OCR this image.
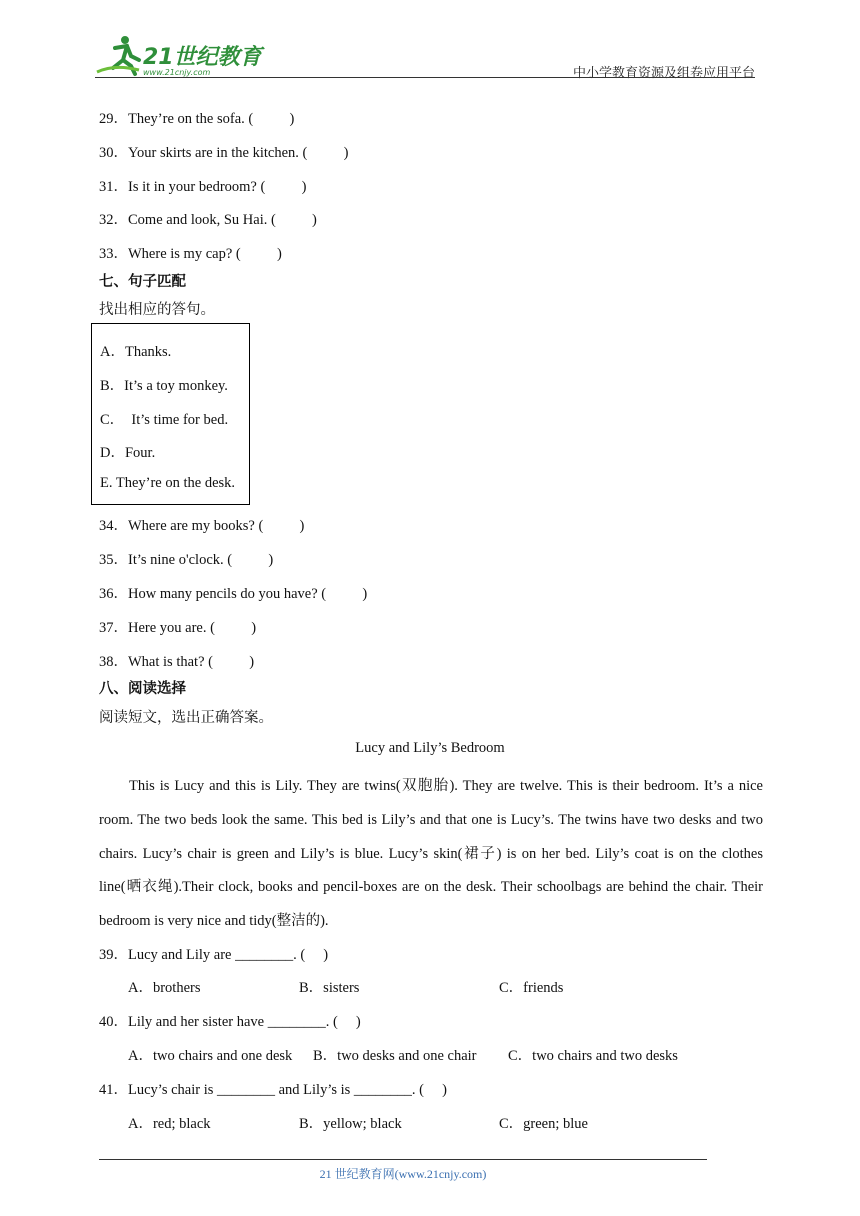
21世纪教育
www.21cnjy.com	中小学教育资源及组卷应用平台
29．They’re on the sofa. (          )
30．Your skirts are in the kitchen. (          )
31．Is it in your bedroom? (          )
32．Come and look, Su Hai. (          )
33．Where is my cap? (          )
七、句子匹配
找出相应的答句。
A．Thanks.
B．It’s a toy monkey.
C．  It’s time for bed.
D．Four.
E. They’re on the desk.
34．Where are my books? (          )
35．It’s nine o'clock. (          )
36．How many pencils do you have? (          )
37．Here you are. (          )
38．What is that? (          )
八、阅读选择
阅读短文，选出正确答案。
Lucy and Lily’s Bedroom
This is Lucy and this is Lily. They are twins(双胞胎). They are twelve. This is their bedroom. It’s a nice room. The two beds look the same. This bed is Lily’s and that one is Lucy’s. The twins have two desks and two chairs. Lucy’s chair is green and Lily’s is blue. Lucy’s skin(裙子) is on her bed. Lily’s coat is on the clothes line(晒衣绳).Their clock, books and pencil-boxes are on the desk. Their schoolbags are behind the chair. Their bedroom is very nice and tidy(整洁的).
39．Lucy and Lily are ________. (     )
A．brothers	B．sisters	C．friends
40．Lily and her sister have ________. (     )
A．two chairs and one desk B．two desks and one chair C．two chairs and two desks
41．Lucy’s chair is ________ and Lily’s is ________. (     )
A．red; black	B．yellow; black	C．green; blue
21 世纪教育网(www.21cnjy.com)
